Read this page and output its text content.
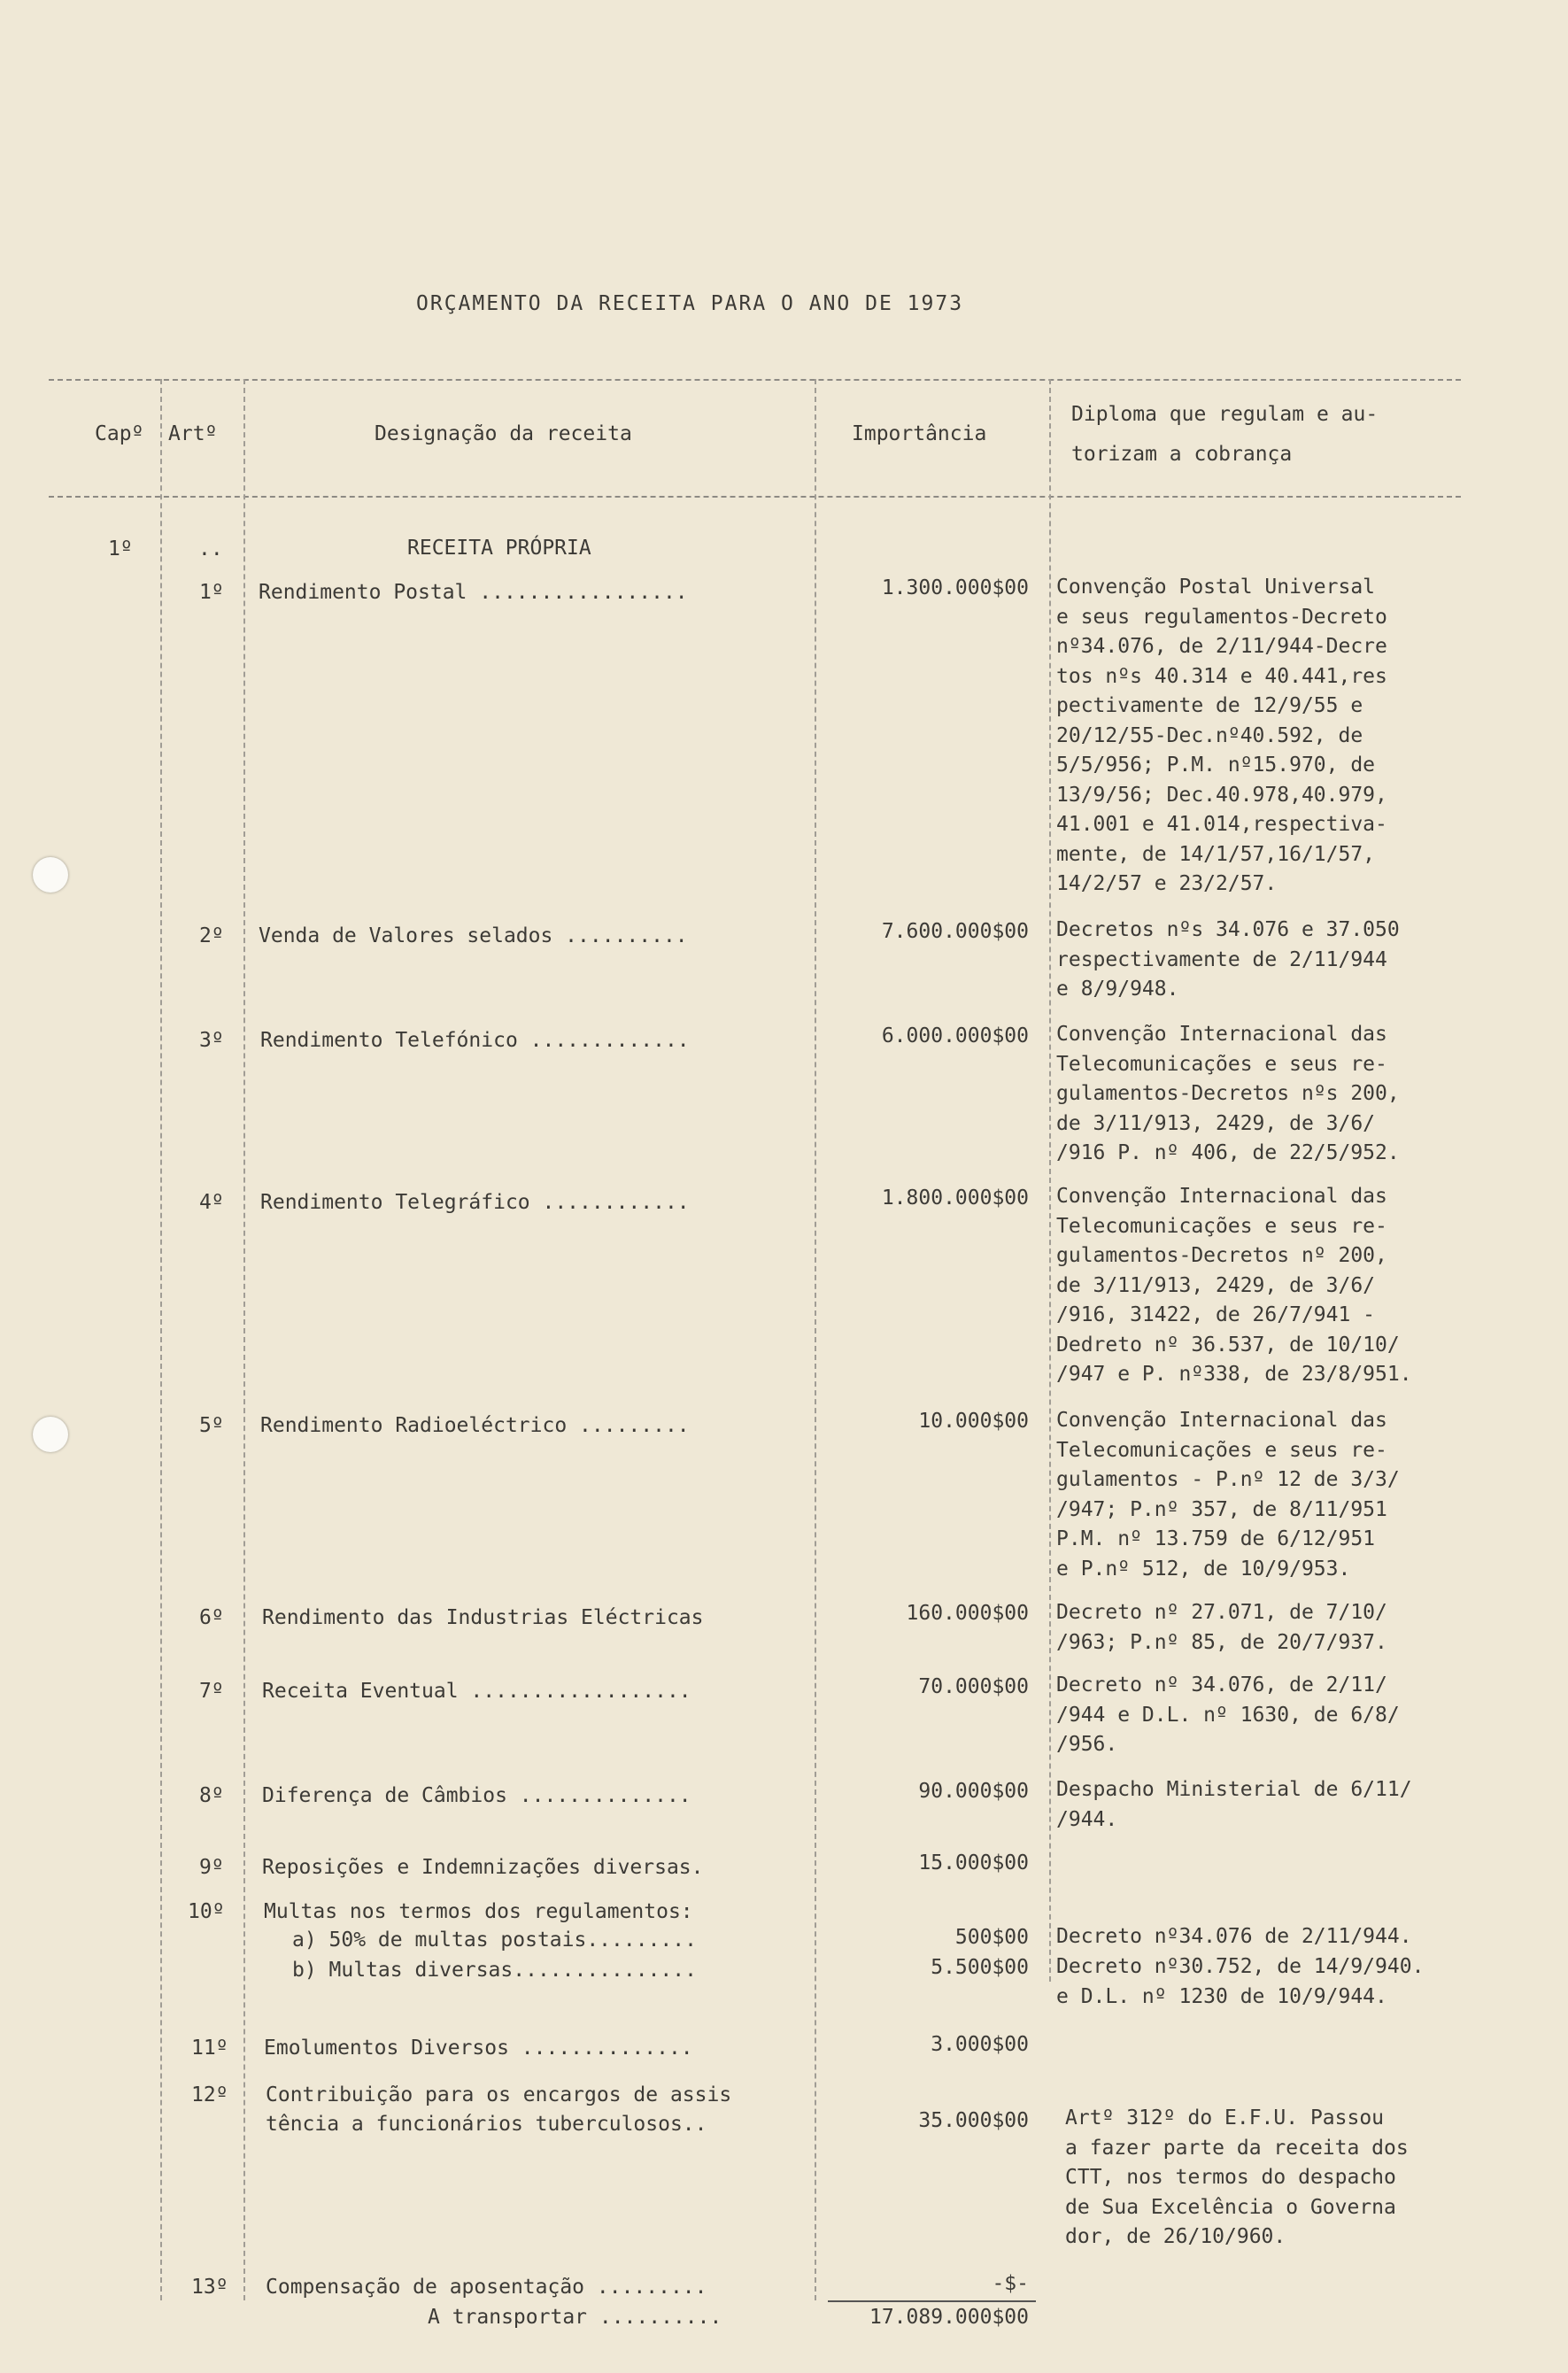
ORÇAMENTO DA RECEITA PARA O ANO DE 1973
Capº Artº	Designação da receita	Importância
Diploma que regulam e au-
torizam a cobrança
1º	..	RECEITA PRÓPRIA
1º Rendimento Postal .................	1.300.000$00 Convenção Postal Universal
e seus regulamentos-Decreto
nº34.076, de 2/11/944-Decre
tos nºs 40.314 e 40.441,res
pectivamente de 12/9/55 e
20/12/55-Dec.nº40.592, de
5/5/956; P.M. nº15.970, de
13/9/56; Dec.40.978,40.979,
41.001 e 41.014,respectiva-
mente, de 14/1/57,16/1/57,
14/2/57 e 23/2/57.
2º Venda de Valores selados ..........	7.600.000$00 Decretos nºs 34.076 e 37.050
respectivamente de 2/11/944
e 8/9/948.
3º Rendimento Telefónico .............	6.000.000$00 Convenção Internacional das
Telecomunicações e seus re-
gulamentos-Decretos nºs 200,
de 3/11/913, 2429, de 3/6/
/916 P. nº 406, de 22/5/952.
4º Rendimento Telegráfico ............	1.800.000$00 Convenção Internacional das
Telecomunicações e seus re-
gulamentos-Decretos nº 200,
de 3/11/913, 2429, de 3/6/
/916, 31422, de 26/7/941 -
Dedreto nº 36.537, de 10/10/
/947 e P. nº338, de 23/8/951.
5º Rendimento Radioeléctrico .........	10.000$00 Convenção Internacional das
Telecomunicações e seus re-
gulamentos - P.nº 12 de 3/3/
/947; P.nº 357, de 8/11/951
P.M. nº 13.759 de 6/12/951
e P.nº 512, de 10/9/953.
6º Rendimento das Industrias Eléctricas	160.000$00 Decreto nº 27.071, de 7/10/
/963; P.nº 85, de 20/7/937.
7º Receita Eventual ..................	70.000$00 Decreto nº 34.076, de 2/11/
/944 e D.L. nº 1630, de 6/8/
/956.
8º Diferença de Câmbios ..............	90.000$00 Despacho Ministerial de 6/11/
/944.
9º Reposições e Indemnizações diversas.	15.000$00
10º Multas nos termos dos regulamentos:
a) 50% de multas postais.........	500$00 Decreto nº34.076 de 2/11/944.
b) Multas diversas...............	5.500$00 Decreto nº30.752, de 14/9/940.
e D.L. nº 1230 de 10/9/944.
11º Emolumentos Diversos ..............	3.000$00
12º Contribuição para os encargos de assis
tência a funcionários tuberculosos..	35.000$00 Artº 312º do E.F.U. Passou
a fazer parte da receita dos
CTT, nos termos do despacho
de Sua Excelência o Governa
dor, de 26/10/960.
13º Compensação de aposentação .........	-$-
A transportar ..........	17.089.000$00
